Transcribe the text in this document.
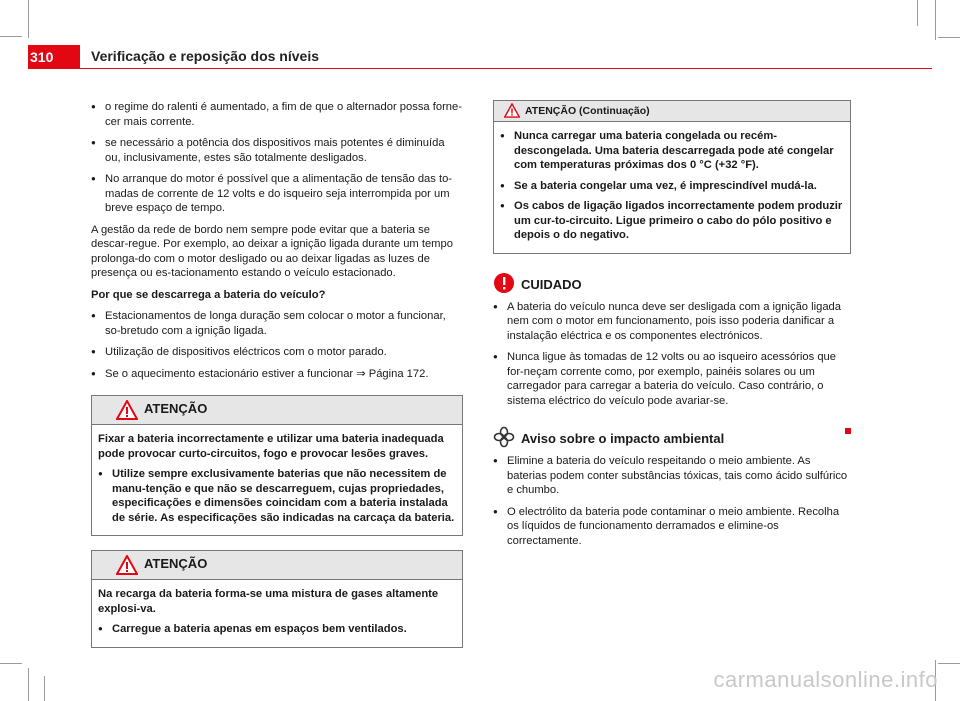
310	Verificação e reposição dos níveis

● o regime do ralenti é aumentado, a fim de que o alternador possa forne-cer mais corrente.

● se necessário a potência dos dispositivos mais potentes é diminuída ou, inclusivamente, estes são totalmente desligados.

● No arranque do motor é possível que a alimentação de tensão das to-madas de corrente de 12 volts e do isqueiro seja interrompida por um breve espaço de tempo.

A gestão da rede de bordo nem sempre pode evitar que a bateria se descar-regue. Por exemplo, ao deixar a ignição ligada durante um tempo prolonga-do com o motor desligado ou ao deixar ligadas as luzes de presença ou es-tacionamento estando o veículo estacionado.

Por que se descarrega a bateria do veículo?

● Estacionamentos de longa duração sem colocar o motor a funcionar, so-bretudo com a ignição ligada.

● Utilização de dispositivos eléctricos com o motor parado.

● Se o aquecimento estacionário estiver a funcionar ⇒ Página 172.

ATENÇÃO

Fixar a bateria incorrectamente e utilizar uma bateria inadequada pode provocar curto-circuitos, fogo e provocar lesões graves.

● Utilize sempre exclusivamente baterias que não necessitem de manu-tenção e que não se descarreguem, cujas propriedades, especificações e dimensões coincidam com a bateria instalada de série. As especificações são indicadas na carcaça da bateria.

ATENÇÃO

Na recarga da bateria forma-se uma mistura de gases altamente explosi-va.

● Carregue a bateria apenas em espaços bem ventilados.

ATENÇÃO (Continuação)

● Nunca carregar uma bateria congelada ou recém-descongelada. Uma bateria descarregada pode até congelar com temperaturas próximas dos 0 °C (+32 °F).

● Se a bateria congelar uma vez, é imprescindível mudá-la.

● Os cabos de ligação ligados incorrectamente podem produzir um cur-to-circuito. Ligue primeiro o cabo do pólo positivo e depois o do negativo.

CUIDADO

● A bateria do veículo nunca deve ser desligada com a ignição ligada nem com o motor em funcionamento, pois isso poderia danificar a instalação eléctrica e os componentes electrónicos.

● Nunca ligue às tomadas de 12 volts ou ao isqueiro acessórios que for-neçam corrente como, por exemplo, painéis solares ou um carregador para carregar a bateria do veículo. Caso contrário, o sistema eléctrico do veículo pode avariar-se.

Aviso sobre o impacto ambiental

● Elimine a bateria do veículo respeitando o meio ambiente. As baterias podem conter substâncias tóxicas, tais como ácido sulfúrico e chumbo.

● O electrólito da bateria pode contaminar o meio ambiente. Recolha os líquidos de funcionamento derramados e elimine-os correctamente.

carmanualsonline.info
